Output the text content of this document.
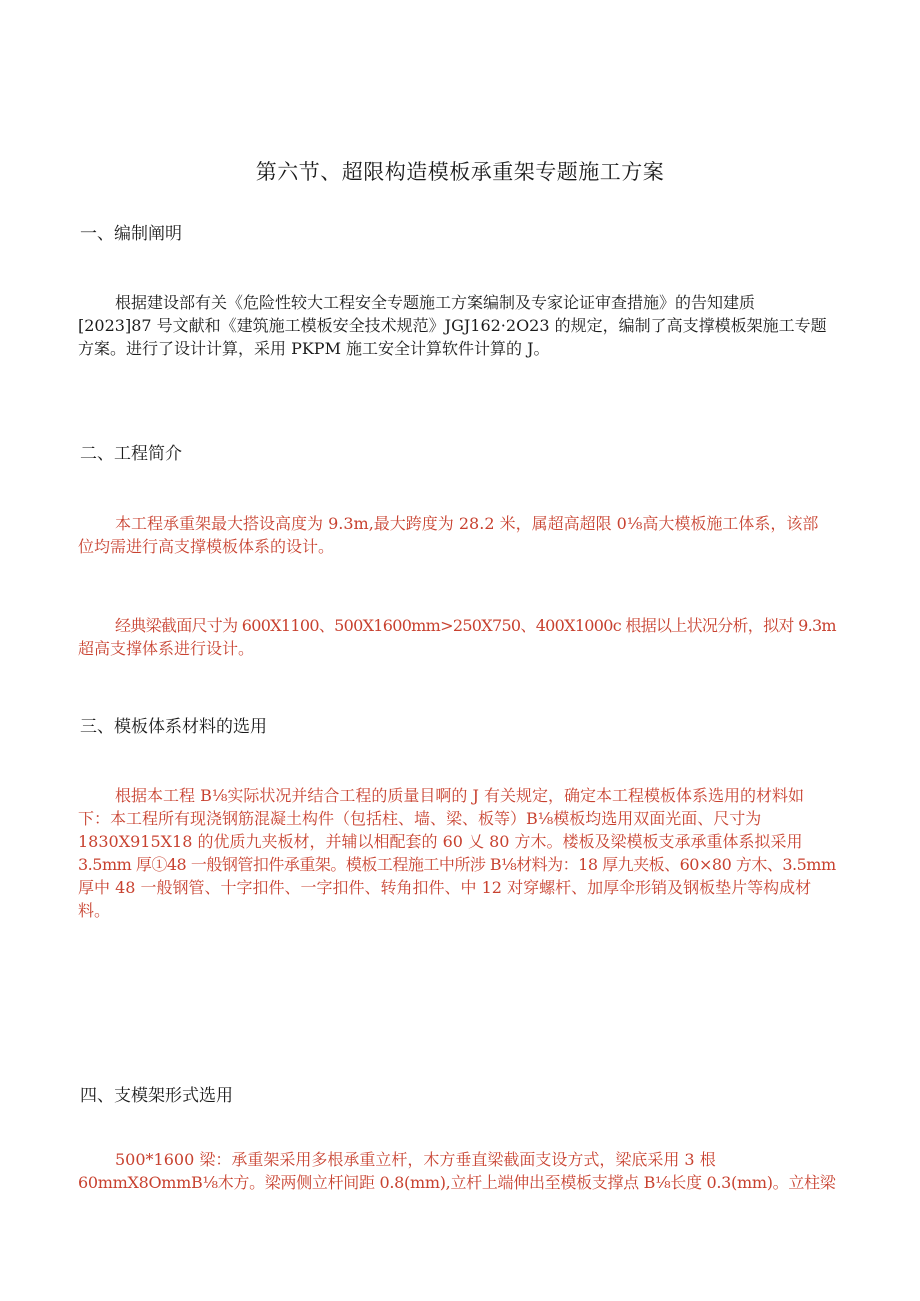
第六节、超限构造模板承重架专题施工方案
一、编制阐明

根据建设部有关《危险性较大工程安全专题施工方案编制及专家论证审查措施》的告知建质
[2023]87 号文献和《建筑施工模板安全技术规范》JGJ162·2O23 的规定，编制了高支撑模板架施工专题
方案。进行了设计计算，采用 PKPM 施工安全计算软件计算的 J。

二、工程简介

本工程承重架最大搭设高度为 9.3m,最大跨度为 28.2 米，属超高超限 0⅛高大模板施工体系，该部
位均需进行高支撑模板体系的设计。

经典梁截面尺寸为 600X1100、500X1600mm>250X750、400X1000c 根据以上状况分析，拟对 9.3m
超高支撑体系进行设计。

三、模板体系材料的选用

根据本工程 B⅛实际状况并结合工程的质量目啊的 J 有关规定，确定本工程模板体系选用的材料如
下：本工程所有现浇钢筋混凝土构件（包括柱、墙、梁、板等）B⅛模板均选用双面光面、尺寸为
1830X915X18 的优质九夹板材，并辅以相配套的 60 乂 80 方木。楼板及梁模板支承承重体系拟采用
3.5mm 厚①48 一般钢管扣件承重架。模板工程施工中所涉 B⅛材料为：18 厚九夹板、60×80 方木、3.5mm
厚中 48 一般钢管、十字扣件、一字扣件、转角扣件、中 12 对穿螺杆、加厚伞形销及钢板垫片等构成材
料。

四、支模架形式选用

500*1600 梁：承重架采用多根承重立杆，木方垂直梁截面支设方式，梁底采用 3 根
60mmX8OmmB⅛木方。梁两侧立杆间距 0.8(mm),立杆上端伸出至模板支撑点 B⅛长度 0.3(mm)。立柱梁
